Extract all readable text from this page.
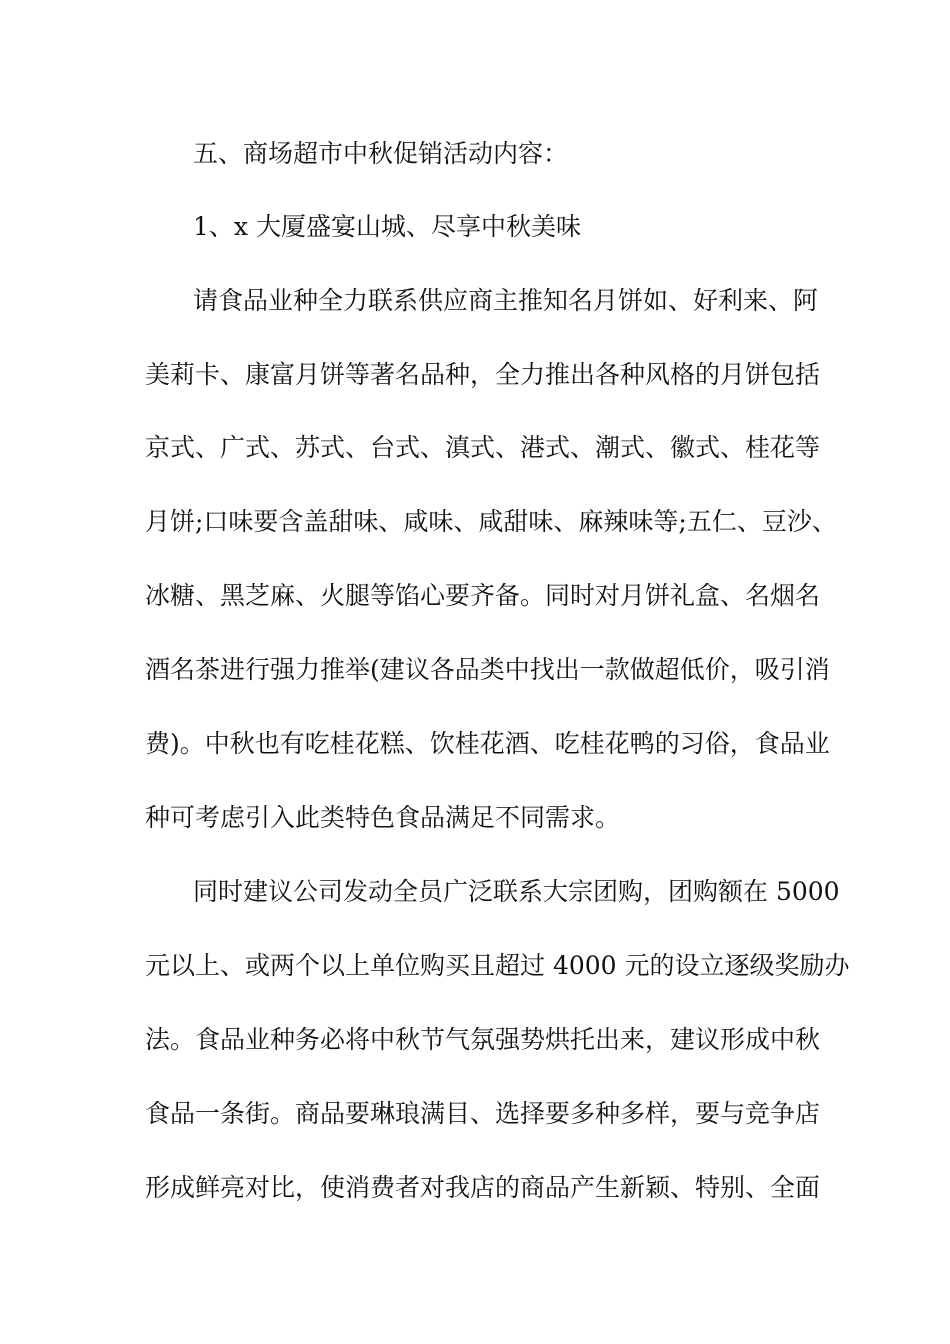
五、商场超市中秋促销活动内容：
1、x 大厦盛宴山城、尽享中秋美味
请食品业种全力联系供应商主推知名月饼如、好利来、阿
美莉卡、康富月饼等著名品种，全力推出各种风格的月饼包括
京式、广式、苏式、台式、滇式、港式、潮式、徽式、桂花等
月饼;口味要含盖甜味、咸味、咸甜味、麻辣味等;五仁、豆沙、
冰糖、黑芝麻、火腿等馅心要齐备。同时对月饼礼盒、名烟名
酒名茶进行强力推举(建议各品类中找出一款做超低价，吸引消
费)。中秋也有吃桂花糕、饮桂花酒、吃桂花鸭的习俗，食品业
种可考虑引入此类特色食品满足不同需求。
同时建议公司发动全员广泛联系大宗团购，团购额在 5000
元以上、或两个以上单位购买且超过 4000 元的设立逐级奖励办
法。食品业种务必将中秋节气氛强势烘托出来，建议形成中秋
食品一条街。商品要琳琅满目、选择要多种多样，要与竞争店
形成鲜亮对比，使消费者对我店的商品产生新颖、特别、全面
